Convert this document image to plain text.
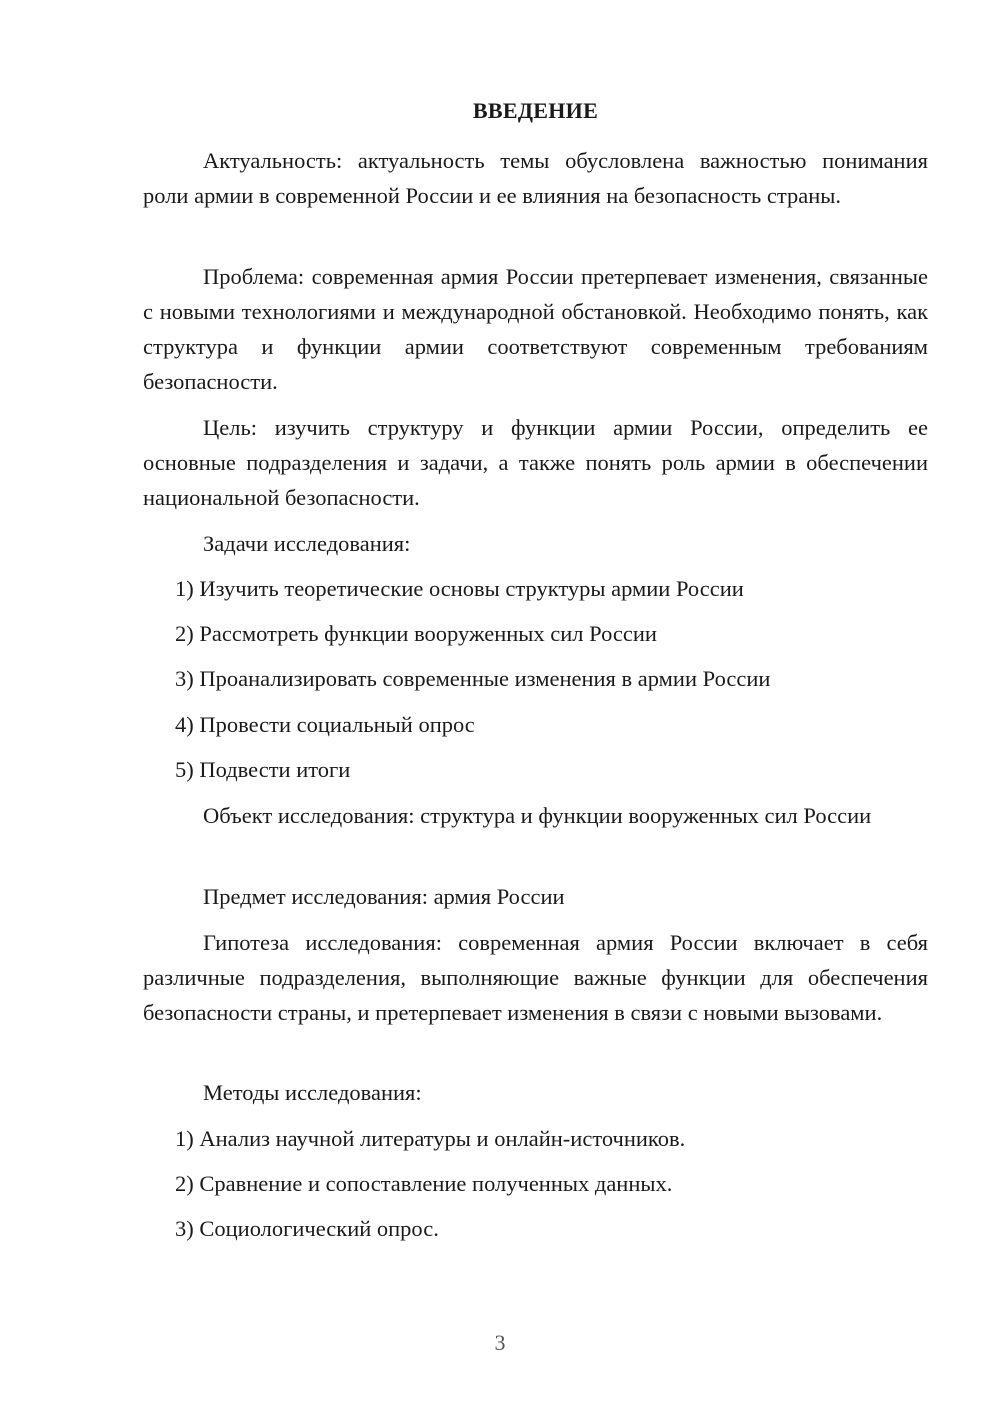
ВВЕДЕНИЕ

Актуальность: актуальность темы обусловлена важностью понимания роли армии в современной России и ее влияния на безопасность страны.

Проблема: современная армия России претерпевает изменения, связанные с новыми технологиями и международной обстановкой. Необходимо понять, как структура и функции армии соответствуют современным требованиям безопасности.

Цель: изучить структуру и функции армии России, определить ее основные подразделения и задачи, а также понять роль армии в обеспечении национальной безопасности.

Задачи исследования:

1) Изучить теоретические основы структуры армии России
2) Рассмотреть функции вооруженных сил России
3) Проанализировать современные изменения в армии России
4) Провести социальный опрос
5) Подвести итоги

Объект исследования: структура и функции вооруженных сил России

Предмет исследования: армия России

Гипотеза исследования: современная армия России включает в себя различные подразделения, выполняющие важные функции для обеспечения безопасности страны, и претерпевает изменения в связи с новыми вызовами.

Методы исследования:

1) Анализ научной литературы и онлайн-источников.
2) Сравнение и сопоставление полученных данных.
3) Социологический опрос.
3
